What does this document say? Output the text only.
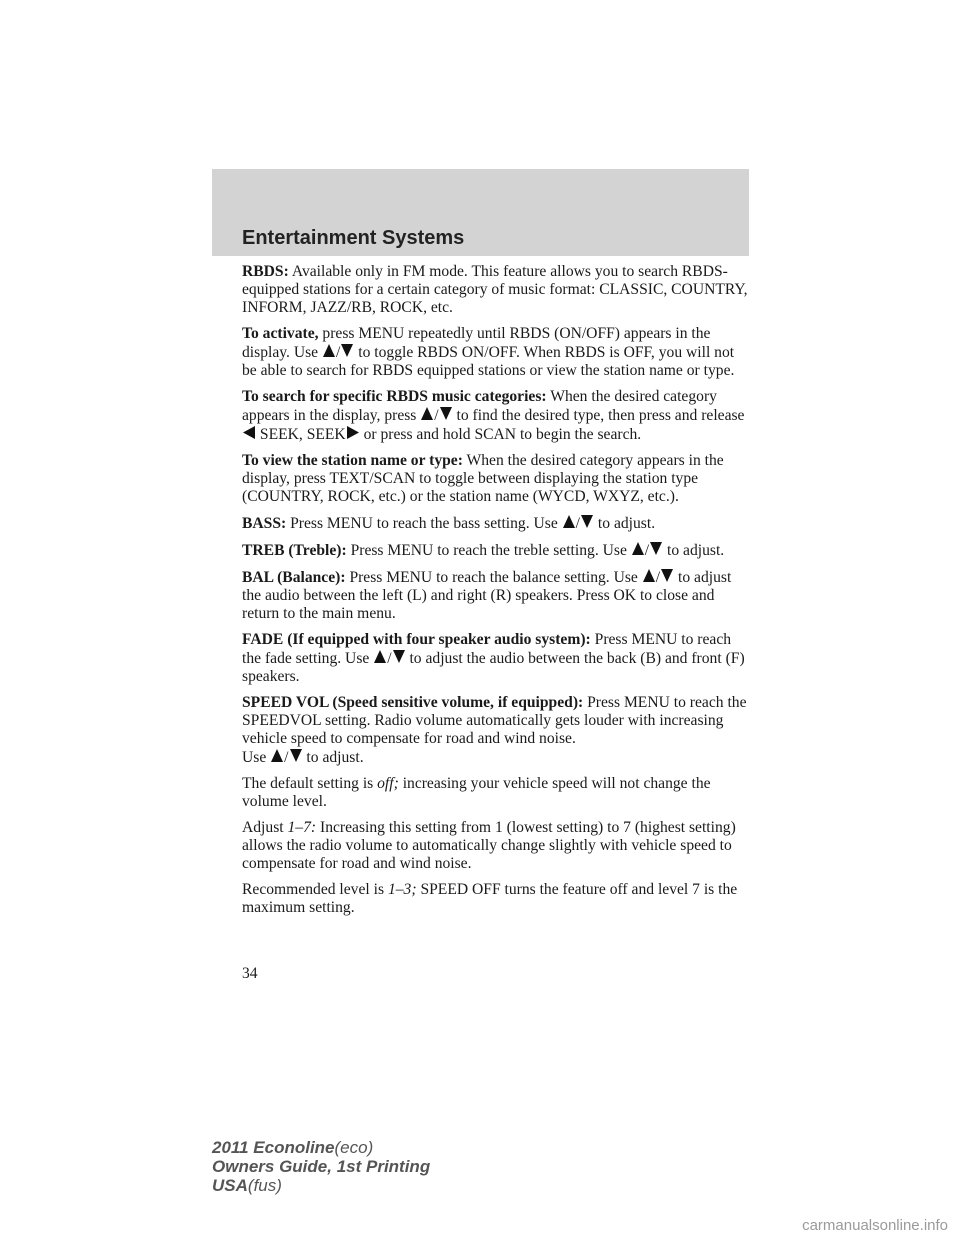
Entertainment Systems

RBDS: Available only in FM mode. This feature allows you to search RBDS-equipped stations for a certain category of music format: CLASSIC, COUNTRY, INFORM, JAZZ/RB, ROCK, etc.

To activate, press MENU repeatedly until RBDS (ON/OFF) appears in the display. Use / to toggle RBDS ON/OFF. When RBDS is OFF, you will not be able to search for RBDS equipped stations or view the station name or type.

To search for specific RBDS music categories: When the desired category appears in the display, press / to find the desired type, then press and release  SEEK, SEEK or press and hold SCAN to begin the search.

To view the station name or type: When the desired category appears in the display, press TEXT/SCAN to toggle between displaying the station type (COUNTRY, ROCK, etc.) or the station name (WYCD, WXYZ, etc.).

BASS: Press MENU to reach the bass setting. Use / to adjust.

TREB (Treble): Press MENU to reach the treble setting. Use / to adjust.

BAL (Balance): Press MENU to reach the balance setting. Use / to adjust the audio between the left (L) and right (R) speakers. Press OK to close and return to the main menu.

FADE (If equipped with four speaker audio system): Press MENU to reach the fade setting. Use / to adjust the audio between the back (B) and front (F) speakers.

SPEED VOL (Speed sensitive volume, if equipped): Press MENU to reach the SPEEDVOL setting. Radio volume automatically gets louder with increasing vehicle speed to compensate for road and wind noise.
Use / to adjust.

The default setting is off; increasing your vehicle speed will not change the volume level.

Adjust 1–7: Increasing this setting from 1 (lowest setting) to 7 (highest setting) allows the radio volume to automatically change slightly with vehicle speed to compensate for road and wind noise.

Recommended level is 1–3; SPEED OFF turns the feature off and level 7 is the maximum setting.

34
2011 Econoline(eco)
Owners Guide, 1st Printing
USA(fus)
carmanualsonline.info
